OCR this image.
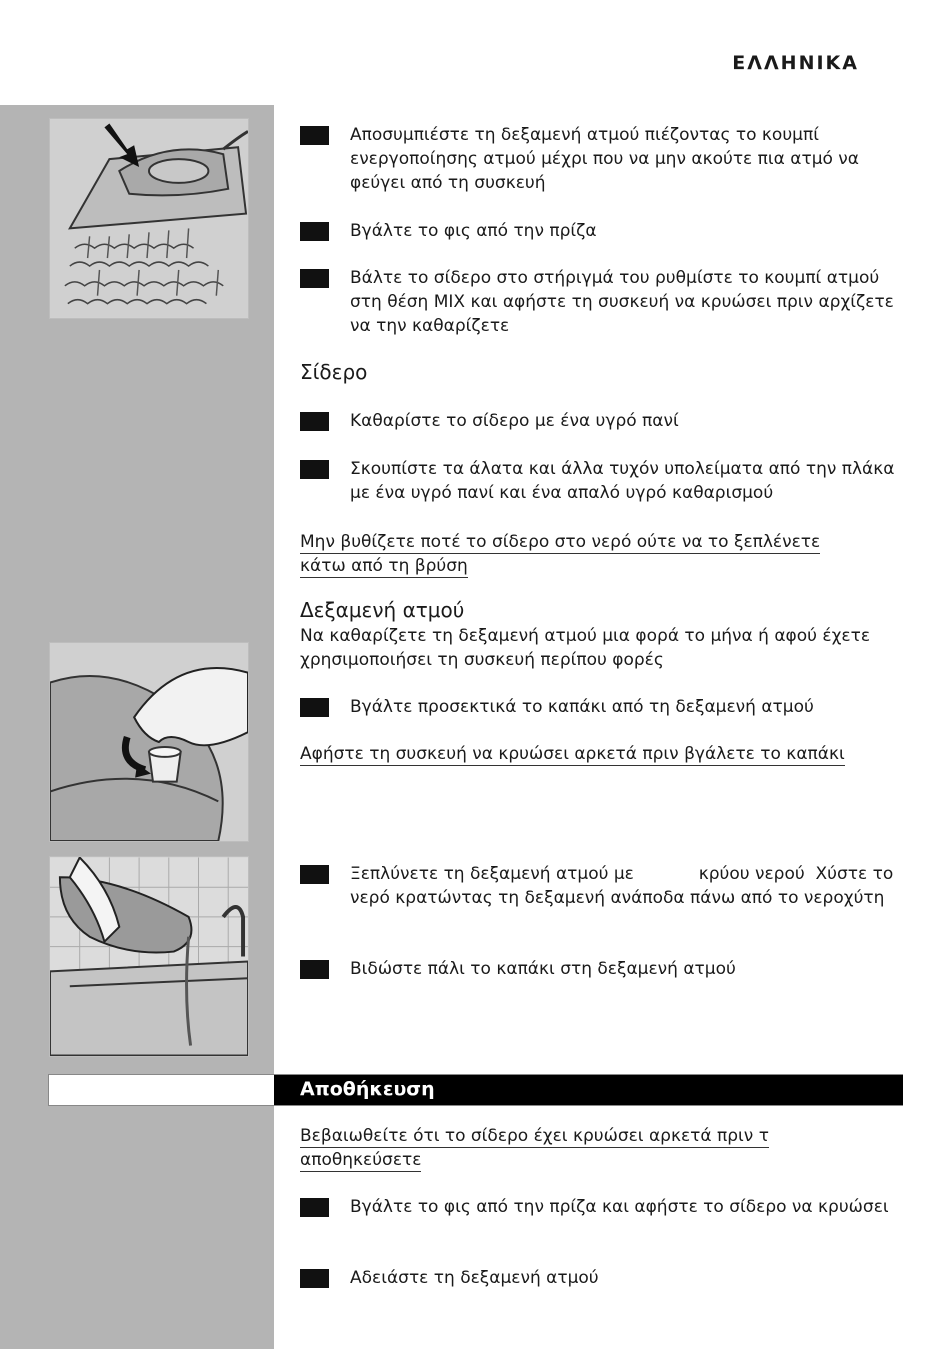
ΕΛΛΗΝΙΚΑ
Αποσυμπιέστε τη δεξαμενή ατμού πιέζοντας το κουμπί ενεργοποίησης ατμού μέχρι που να μην ακούτε πια ατμό να φεύγει από τη συσκευή
Βγάλτε το φις από την πρίζα
Βάλτε το σίδερο στο στήριγμά του ρυθμίστε το κουμπί ατμού στη θέση MIX και αφήστε τη συσκευή να κρυώσει πριν αρχίζετε να την καθαρίζετε
Σίδερο
Καθαρίστε το σίδερο με ένα υγρό πανί
Σκουπίστε τα άλατα και άλλα τυχόν υπολείματα από την πλάκα με ένα υγρό πανί και ένα απαλό υγρό καθαρισμού
Μην βυθίζετε ποτέ το σίδερο στο νερό ούτε να το ξεπλένετε κάτω από τη βρύση
Δεξαμενή ατμού
Να καθαρίζετε τη δεξαμενή ατμού μια φορά το μήνα ή αφού έχετε χρησιμοποιήσει τη συσκευή περίπου φορές
Βγάλτε προσεκτικά το καπάκι από τη δεξαμενή ατμού
Αφήστε τη συσκευή να κρυώσει αρκετά πριν βγάλετε το καπάκι
Ξεπλύνετε τη δεξαμενή ατμού με            κρύου νερού  Χύστε το νερό κρατώντας τη δεξαμενή ανάποδα πάνω από το νεροχύτη
Βιδώστε πάλι το καπάκι στη δεξαμενή ατμού
Αποθήκευση
Βεβαιωθείτε ότι το σίδερο έχει κρυώσει αρκετά πριν τ αποθηκεύσετε
Βγάλτε το φις από την πρίζα και αφήστε το σίδερο να κρυώσει
Αδειάστε τη δεξαμενή ατμού
